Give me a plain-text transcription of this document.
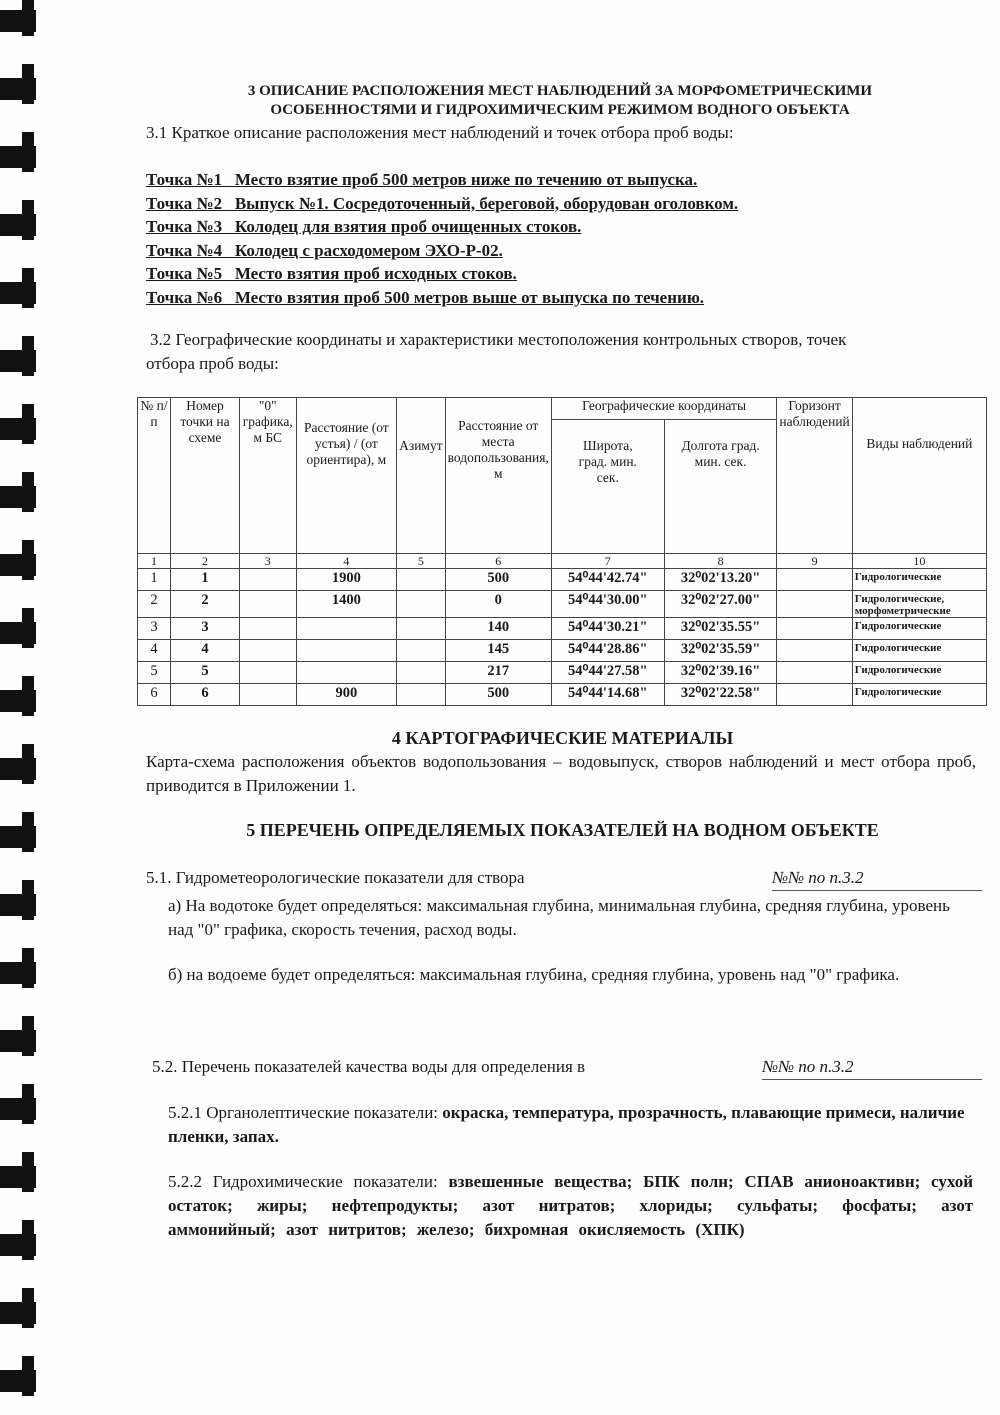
3 ОПИСАНИЕ РАСПОЛОЖЕНИЯ МЕСТ НАБЛЮДЕНИЙ ЗА МОРФОМЕТРИЧЕСКИМИ
ОСОБЕННОСТЯМИ И ГИДРОХИМИЧЕСКИМ РЕЖИМОМ ВОДНОГО ОБЪЕКТА

3.1 Краткое описание расположения мест наблюдений и точек отбора проб воды:

Точка №1   Место взятие проб 500 метров ниже по течению от выпуска.
Точка №2   Выпуск №1. Сосредоточенный, береговой, оборудован оголовком.
Точка №3   Колодец для взятия проб очищенных стоков.
Точка №4   Колодец с расходомером ЭХО-Р-02.
Точка №5   Место взятия проб исходных стоков.
Точка №6   Место взятия проб 500 метров выше от выпуска по течению.

3.2 Географические координаты и характеристики местоположения контрольных створов, точек отбора проб воды:

№ п/п	Номер точки на схеме	"0" графика, м БС	Расстояние (от устья) / (от ориентира), м	Азимут	Расстояние от места водопользования, м	Географические координаты		Горизонт наблюдений	Виды наблюдений
						Широта, град. мин. сек.	Долгота град. мин. сек.		
1	2	3	4	5	6	7	8	9	10
1	1		1900		500	54⁰44'42.74"	32⁰02'13.20"		Гидрологические
2	2		1400		0	54⁰44'30.00"	32⁰02'27.00"		Гидрологические, морфометрические
3	3				140	54⁰44'30.21"	32⁰02'35.55"		Гидрологические
4	4				145	54⁰44'28.86"	32⁰02'35.59"		Гидрологические
5	5				217	54⁰44'27.58"	32⁰02'39.16"		Гидрологические
6	6		900		500	54⁰44'14.68"	32⁰02'22.58"		Гидрологические
4 КАРТОГРАФИЧЕСКИЕ МАТЕРИАЛЫ

Карта-схема расположения объектов водопользования – водовыпуск, створов наблюдений и мест отбора проб, приводится в Приложении 1.

5 ПЕРЕЧЕНЬ ОПРЕДЕЛЯЕМЫХ ПОКАЗАТЕЛЕЙ НА ВОДНОМ ОБЪЕКТЕ

5.1. Гидрометеорологические показатели для створа	№№ по п.3.2

а) На водотоке будет определяться: максимальная глубина, минимальная глубина, средняя глубина, уровень над "0" графика, скорость течения, расход воды.

б) на водоеме будет определяться: максимальная глубина, средняя глубина, уровень над "0" графика.

5.2. Перечень показателей качества воды для определения в	№№ по п.3.2

5.2.1 Органолептические показатели: окраска, температура, прозрачность, плавающие примеси, наличие пленки, запах.

5.2.2 Гидрохимические показатели: взвешенные вещества; БПК полн; СПАВ анионоактивн; сухой остаток; жиры; нефтепродукты; азот нитратов; хлориды; сульфаты; фосфаты; азот аммонийный; азот нитритов; железо; бихромная окисляемость (ХПК)
